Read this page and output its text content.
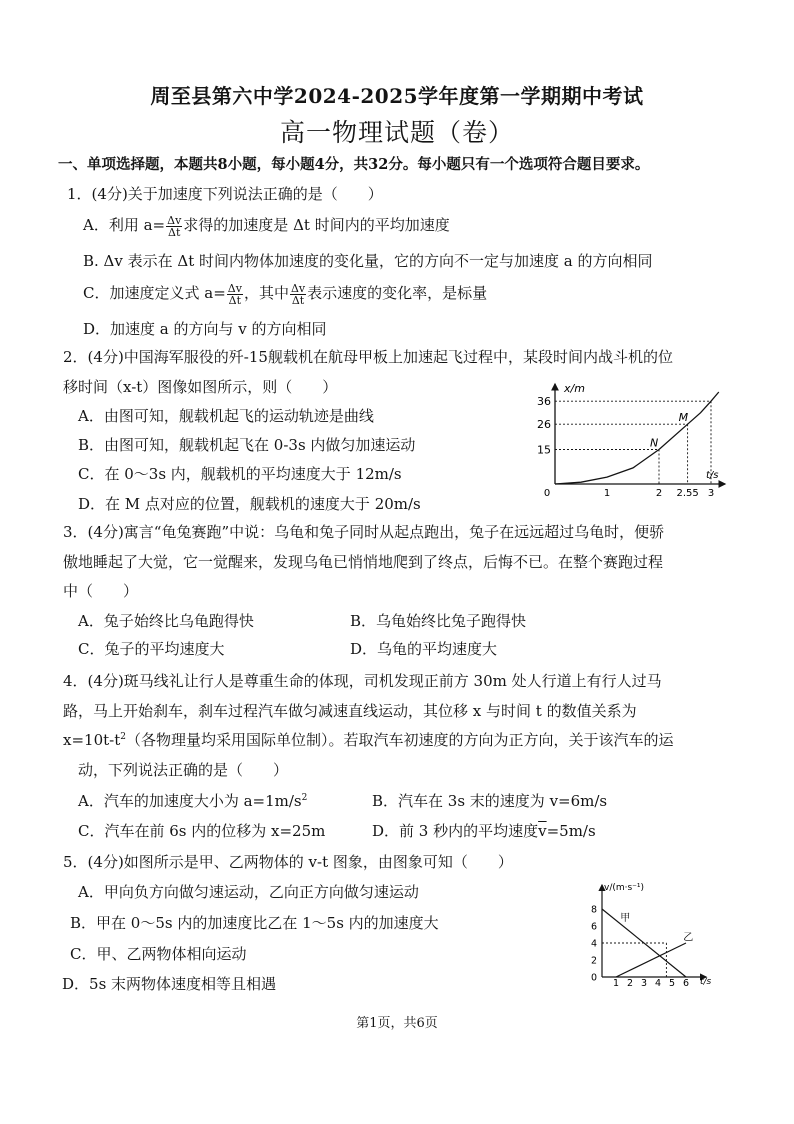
周至县第六中学2024-2025学年度第一学期期中考试
高一物理试题（卷）
一、单项选择题，本题共8小题，每小题4分，共32分。每小题只有一个选项符合题目要求。
1．(4分)关于加速度下列说法正确的是（　　）
A．利用 $a= \frac{\Delta v}{\Delta t}$ 求得的加速度是 Δt 时间内的平均加速度
B. Δv 表示在 Δt 时间内物体加速度的变化量，它的方向不一定与加速度 a 的方向相同
C．加速度定义式 $a= \frac{\Delta v}{\Delta t}$ ，其中 $\frac{\Delta v}{\Delta t}$ 表示速度的变化率，是标量
D．加速度 a 的方向与 v 的方向相同
2．(4分)中国海军服役的歼-15舰载机在航母甲板上加速起飞过程中，某段时间内战斗机的位
移时间（x-t）图像如图所示，则（　　）
A．由图可知，舰载机起飞的运动轨迹是曲线
B．由图可知，舰载机起飞在 0-3s 内做匀加速运动
C．在 0～3s 内，舰载机的平均速度大于 12m/s
D．在 M 点对应的位置，舰载机的速度大于 20m/s
x/m
t/s
15
26
36
0	1	2 2.55 3
N
M
3．(4分)寓言“龟兔赛跑”中说：乌龟和兔子同时从起点跑出，兔子在远远超过乌龟时，便骄
傲地睡起了大觉，它一觉醒来，发现乌龟已悄悄地爬到了终点，后悔不已。在整个赛跑过程
中（　　）
A．兔子始终比乌龟跑得快	B．乌龟始终比兔子跑得快
C．兔子的平均速度大	D．乌龟的平均速度大
4．(4分)斑马线礼让行人是尊重生命的体现，司机发现正前方 30m 处人行道上有行人过马
路，马上开始刹车，刹车过程汽车做匀减速直线运动，其位移 x 与时间 t 的数值关系为
$x=10t-t^2$（各物理量均采用国际单位制）。若取汽车初速度的方向为正方向，关于该汽车的运
动，下列说法正确的是（　　）
A．汽车的加速度大小为 $a=1m/s^2$	B．汽车在 3s 末的速度为 v=6m/s
C．汽车在前 6s 内的位移为 x=25m	D．前 3 秒内的平均速度$\overline{v}=5m/s$
5．(4分)如图所示是甲、乙两物体的 v-t 图象，由图象可知（　　）
A．甲向负方向做匀速运动，乙向正方向做匀速运动
B．甲在 0～5s 内的加速度比乙在 1～5s 内的加速度大
C．甲、乙两物体相向运动
D．5s 末两物体速度相等且相遇
v/(m·s⁻¹)
t/s
甲
乙
0
2
4
6
8
1 2 3 4 5 6
第1页，共6页
